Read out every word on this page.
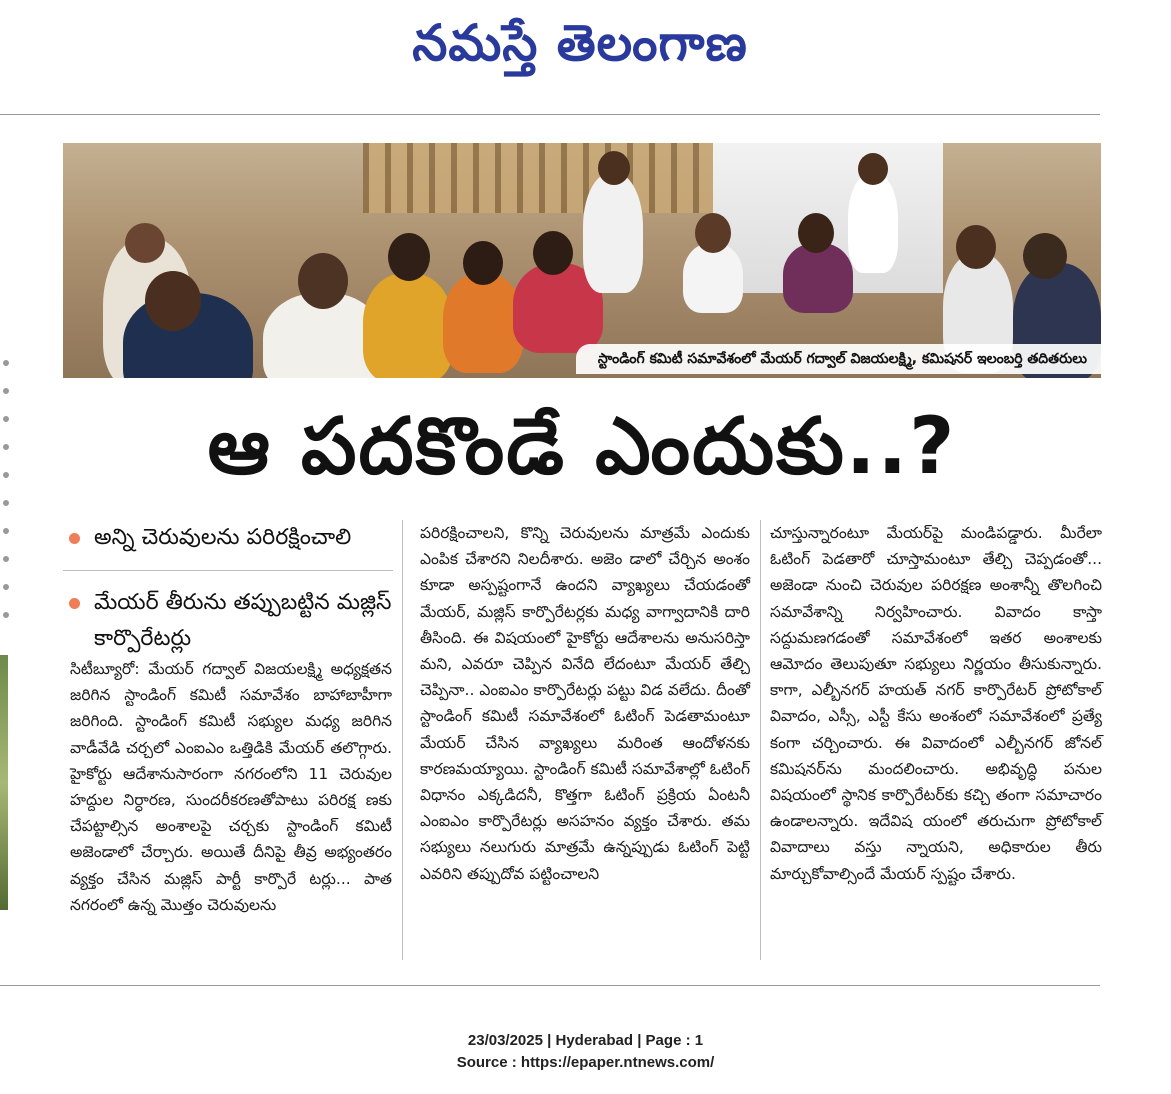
నమస్తే తెలంగాణ
స్టాండింగ్ కమిటీ సమావేశంలో మేయర్ గద్వాల్ విజయలక్ష్మి, కమిషనర్ ఇలంబర్తి తదితరులు
ఆ పదకొండే ఎందుకు..?
అన్ని చెరువులను పరిరక్షించాలి
మేయర్ తీరును తప్పుబట్టిన మజ్లిస్ కార్పొరేటర్లు

సిటీబ్యూరో: మేయర్ గద్వాల్ విజయలక్ష్మి అధ్యక్షతన జరిగిన స్టాండింగ్ కమిటీ సమావేశం బాహాబాహీగా జరిగింది. స్టాండింగ్ కమిటీ సభ్యుల మధ్య జరిగిన వాడీవేడి చర్చలో ఎంఐఎం ఒత్తిడికి మేయర్ తలొగ్గారు. హైకోర్టు ఆదేశానుసారంగా నగరంలోని 11 చెరువుల హద్దుల నిర్ధారణ, సుందరీకరణతోపాటు పరిరక్ష ణకు చేపట్టాల్సిన అంశాలపై చర్చకు స్టాండింగ్ కమిటీ అజెండాలో చేర్చారు. అయితే దీనిపై తీవ్ర అభ్యంతరం వ్యక్తం చేసిన మజ్లిస్ పార్టీ కార్పొరే టర్లు... పాత నగరంలో ఉన్న మొత్తం చెరువులను

పరిరక్షించాలని, కొన్ని చెరువులను మాత్రమే ఎందుకు ఎంపిక చేశారని నిలదీశారు. అజెం డాలో చేర్చిన అంశం కూడా అస్పష్టంగానే ఉందని వ్యాఖ్యలు చేయడంతో మేయర్, మజ్లిస్ కార్పొరేటర్లకు మధ్య వాగ్వాదానికి దారి తీసింది. ఈ విషయంలో హైకోర్టు ఆదేశాలను అనుసరిస్తా మని, ఎవరూ చెప్పిన వినేది లేదంటూ మేయర్ తేల్చి చెప్పినా.. ఎంఐఎం కార్పొరేటర్లు పట్టు విడ వలేదు. దీంతో స్టాండింగ్ కమిటీ సమావేశంలో ఓటింగ్ పెడతామంటూ మేయర్ చేసిన వ్యాఖ్యలు మరింత ఆందోళనకు కారణమయ్యాయి. స్టాండింగ్ కమిటీ సమావేశాల్లో ఓటింగ్ విధానం ఎక్కడిదనీ, కొత్తగా ఓటింగ్ ప్రక్రియ ఏంటనీ ఎంఐఎం కార్పొరేటర్లు అసహనం వ్యక్తం చేశారు. తమ సభ్యులు నలుగురు మాత్రమే ఉన్నప్పుడు ఓటింగ్ పెట్టి ఎవరిని తప్పుదోవ పట్టించాలని

చూస్తున్నారంటూ మేయర్‌పై మండిపడ్డారు. మీరేలా ఓటింగ్ పెడతారో చూస్తామంటూ తేల్చి చెప్పడంతో... అజెండా నుంచి చెరువుల పరిరక్షణ అంశాన్నీ తొలగించి సమావేశాన్ని నిర్వహించారు. వివాదం కాస్తా సద్దుమణగడంతో సమావేశంలో ఇతర అంశాలకు ఆమోదం తెలుపుతూ సభ్యులు నిర్ణయం తీసుకున్నారు. కాగా, ఎల్బీనగర్ హయత్ నగర్ కార్పొరేటర్ ప్రోటోకాల్ వివాదం, ఎస్సీ, ఎస్టీ కేసు అంశంలో సమావేశంలో ప్రత్యే కంగా చర్చించారు. ఈ వివాదంలో ఎల్బీనగర్ జోనల్ కమిషనర్‌ను మందలించారు. అభివృద్ధి పనుల విషయంలో స్థానిక కార్పొరేటర్‌కు కచ్చి తంగా సమాచారం ఉండాలన్నారు. ఇదేవిష యంలో తరుచుగా ప్రోటోకాల్ వివాదాలు వస్తు న్నాయని, అధికారుల తీరు మార్చుకోవాల్సిందే మేయర్ స్పష్టం చేశారు.

23/03/2025 | Hyderabad | Page : 1
Source : https://epaper.ntnews.com/
